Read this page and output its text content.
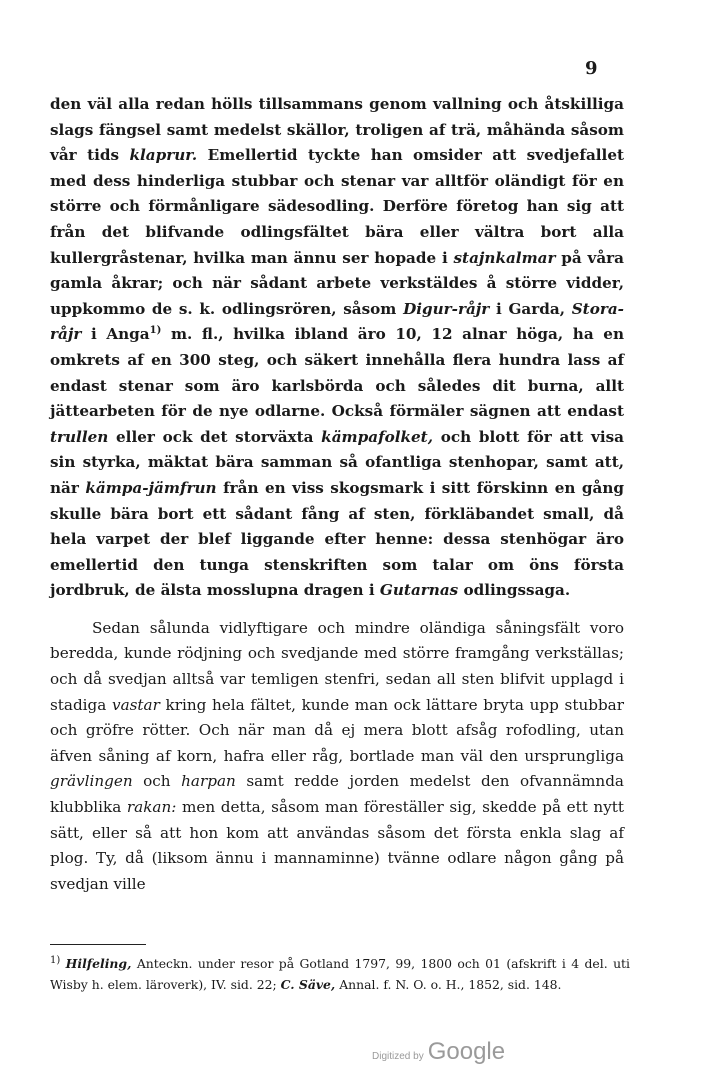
9

den väl alla redan hölls tillsammans genom vallning och åtskilliga slags fängsel samt medelst skällor, troligen af trä, måhända såsom vår tids klaprur. Emellertid tyckte han omsider att svedjefallet med dess hinderliga stubbar och stenar var alltför oländigt för en större och förmånligare sädesodling. Derföre företog han sig att från det blifvande odlingsfältet bära eller vältra bort alla kullergråstenar, hvilka man ännu ser hopade i stajnkalmar på våra gamla åkrar; och när sådant arbete verkstäldes å större vidder, uppkommo de s. k. odlingsrören, såsom Digur-råjr i Garda, Stora-råjr i Anga$^{1)}$ m. fl., hvilka ibland äro 10, 12 alnar höga, ha en omkrets af en 300 steg, och säkert innehålla flera hundra lass af endast stenar som äro karlsbörda och således dit burna, allt jättearbeten för de nye odlarne. Också förmäler sägnen att endast trullen eller ock det storväxta kämpafolket, och blott för att visa sin styrka, mäktat bära samman så ofantliga stenhopar, samt att, när kämpa-jämfrun från en viss skogsmark i sitt förskinn en gång skulle bära bort ett sådant fång af sten, förkläbandet small, då hela varpet der blef liggande efter henne: dessa stenhögar äro emellertid den tunga stenskriften som talar om öns första jordbruk, de älsta mosslupna dragen i Gutarnas odlingssaga.

Sedan sålunda vidlyftigare och mindre oländiga såningsfält voro beredda, kunde rödjning och svedjande med större framgång verkställas; och då svedjan alltså var temligen stenfri, sedan all sten blifvit upplagd i stadiga vastar kring hela fältet, kunde man ock lättare bryta upp stubbar och gröfre rötter. Och när man då ej mera blott afsåg rofodling, utan äfven såning af korn, hafra eller råg, bortlade man väl den ursprungliga grävlingen och harpan samt redde jorden medelst den ofvannämnda klubblika rakan: men detta, såsom man föreställer sig, skedde på ett nytt sätt, eller så att hon kom att användas såsom det första enkla slag af plog. Ty, då (liksom ännu i mannaminne) tvänne odlare någon gång på svedjan ville

$^{1)}$ Hilfeling, Anteckn. under resor på Gotland 1797, 99, 1800 och 01 (afskrift i 4 del. uti Wisby h. elem. läroverk), IV. sid. 22; C. Säve, Annal. f. N. O. o. H., 1852, sid. 148.
Digitized by Google
